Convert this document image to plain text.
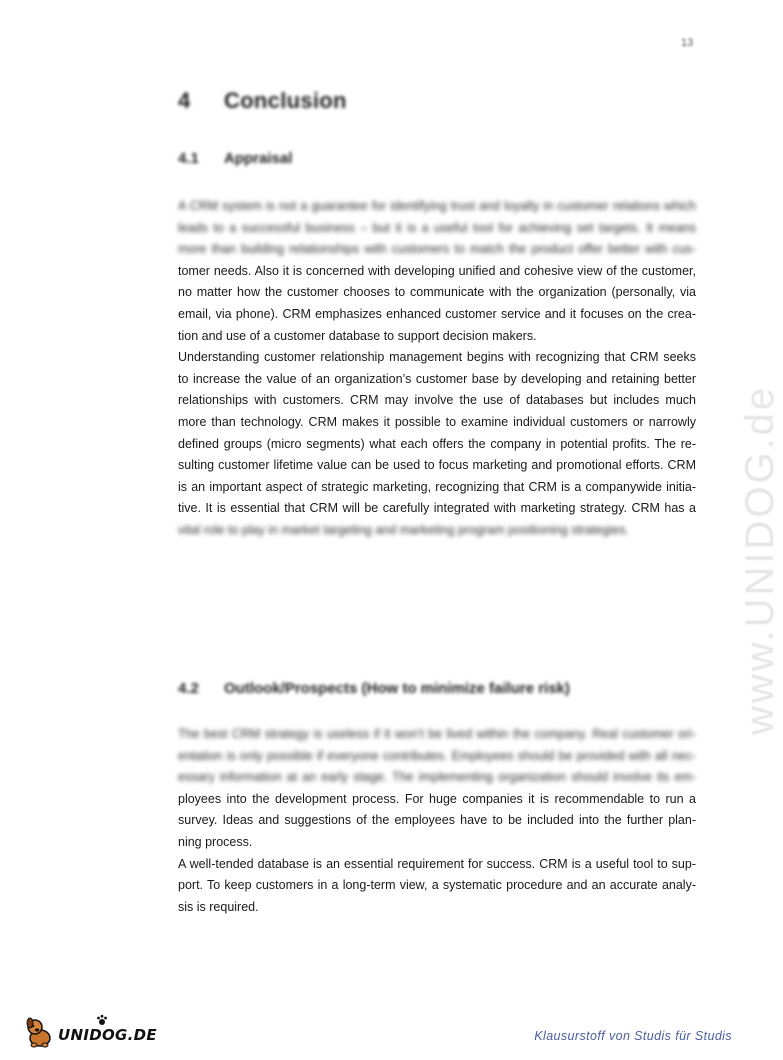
13
www.UNIDOG.de
4 Conclusion
4.1 Appraisal
A CRM system is not a guarantee for identifying trust and loyalty in customer relations which
leads to a successful business – but it is a useful tool for achieving set targets. It means
more than building relationships with customers to match the product offer better with cus-
tomer needs. Also it is concerned with developing unified and cohesive view of the customer,
no matter how the customer chooses to communicate with the organization (personally, via
email, via phone). CRM emphasizes enhanced customer service and it focuses on the crea-
tion and use of a customer database to support decision makers.
Understanding customer relationship management begins with recognizing that CRM seeks
to increase the value of an organization’s customer base by developing and retaining better
relationships with customers. CRM may involve the use of databases but includes much
more than technology. CRM makes it possible to examine individual customers or narrowly
defined groups (micro segments) what each offers the company in potential profits. The re-
sulting customer lifetime value can be used to focus marketing and promotional efforts. CRM
is an important aspect of strategic marketing, recognizing that CRM is a companywide initia-
tive. It is essential that CRM will be carefully integrated with marketing strategy. CRM has a
vital role to play in market targeting and marketing program positioning strategies.
4.2 Outlook/Prospects (How to minimize failure risk)
The best CRM strategy is useless if it won’t be lived within the company. Real customer ori-
entation is only possible if everyone contributes. Employees should be provided with all nec-
essary information at an early stage. The implementing organization should involve its em-
ployees into the development process. For huge companies it is recommendable to run a
survey. Ideas and suggestions of the employees have to be included into the further plan-
ning process.
A well-tended database is an essential requirement for success. CRM is a useful tool to sup-
port. To keep customers in a long-term view, a systematic procedure and an accurate analy-
sis is required.
UNIDOG.DE	Klausurstoff von Studis für Studis
